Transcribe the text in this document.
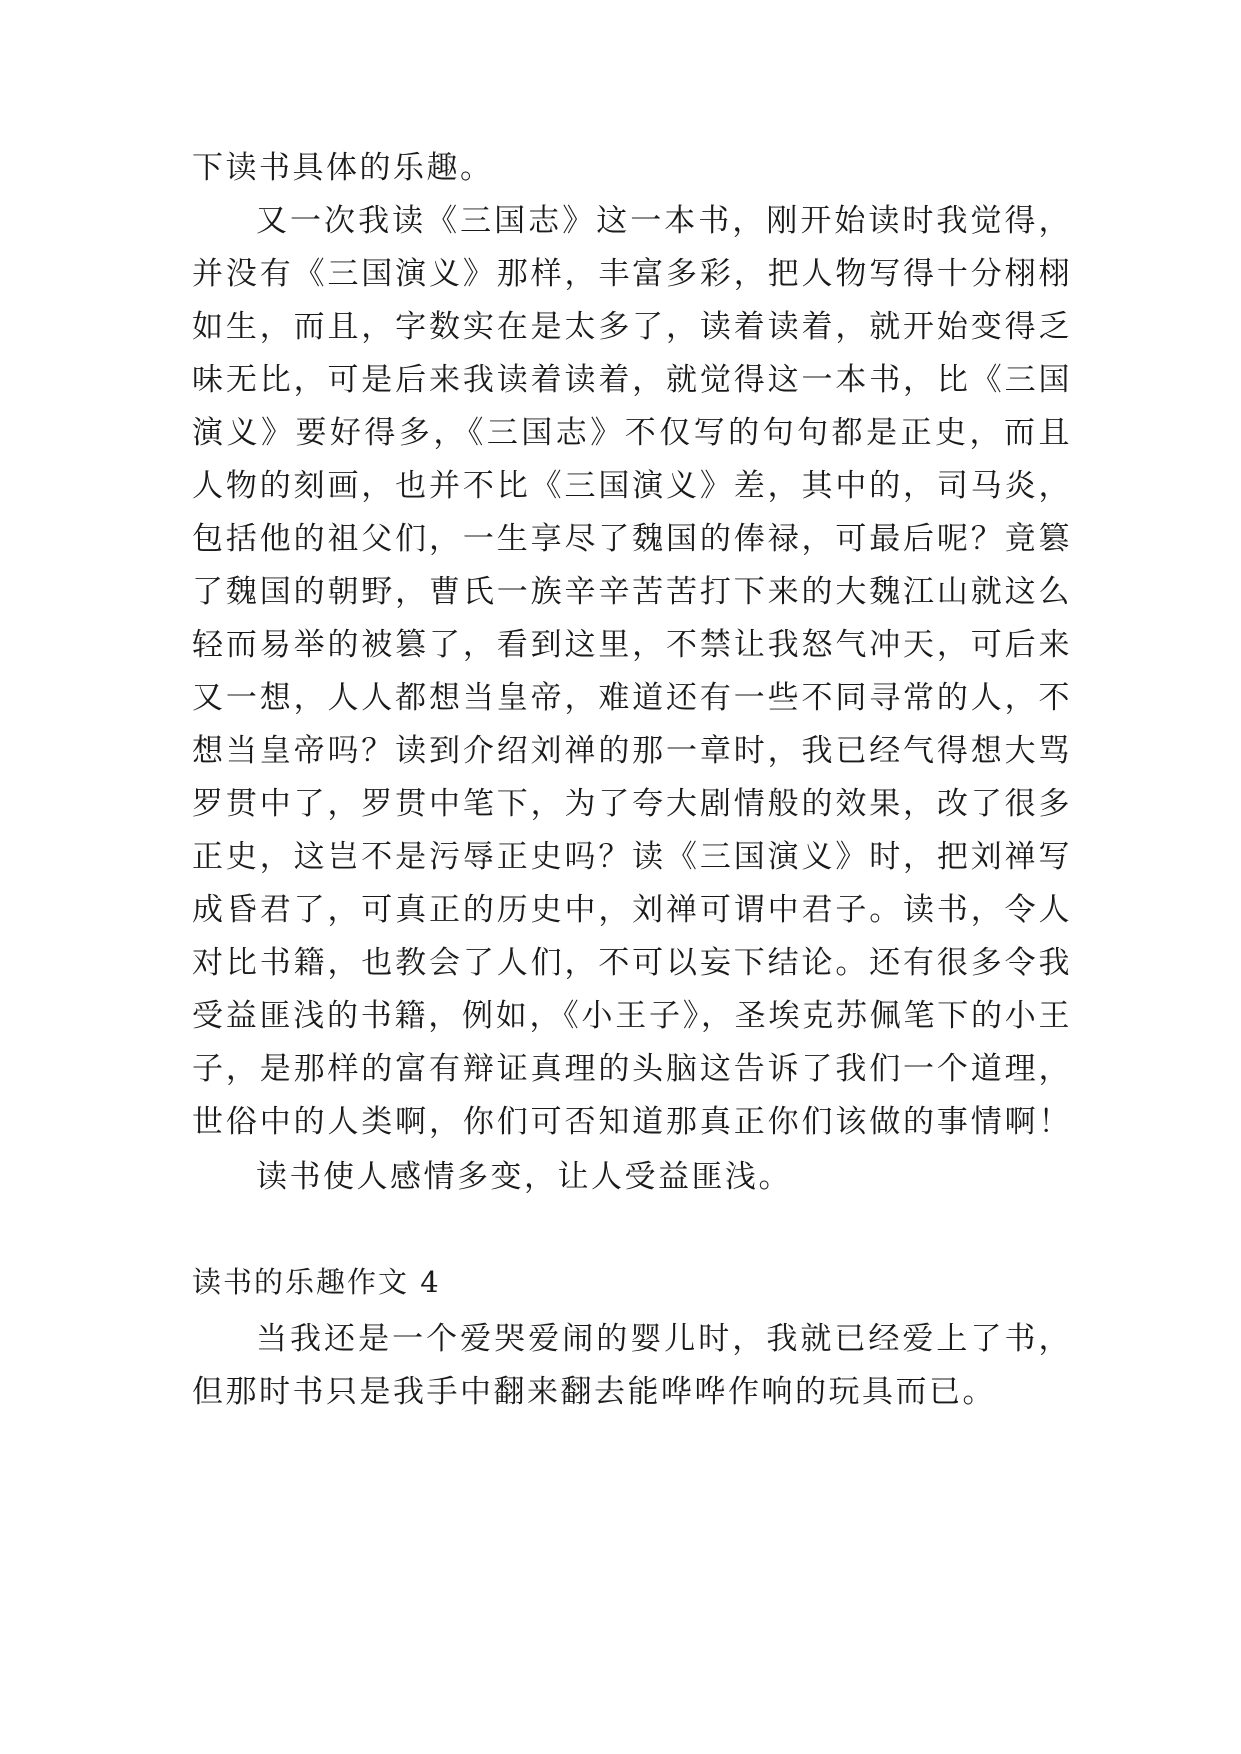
下读书具体的乐趣。
又一次我读《三国志》这一本书，刚开始读时我觉得，
并没有《三国演义》那样，丰富多彩，把人物写得十分栩栩
如生，而且，字数实在是太多了，读着读着，就开始变得乏
味无比，可是后来我读着读着，就觉得这一本书，比《三国
演义》要好得多，《三国志》不仅写的句句都是正史，而且
人物的刻画，也并不比《三国演义》差，其中的，司马炎，
包括他的祖父们，一生享尽了魏国的俸禄，可最后呢？竟篡
了魏国的朝野，曹氏一族辛辛苦苦打下来的大魏江山就这么
轻而易举的被篡了，看到这里，不禁让我怒气冲天，可后来
又一想，人人都想当皇帝，难道还有一些不同寻常的人，不
想当皇帝吗？读到介绍刘禅的那一章时，我已经气得想大骂
罗贯中了，罗贯中笔下，为了夸大剧情般的效果，改了很多
正史，这岂不是污辱正史吗？读《三国演义》时，把刘禅写
成昏君了，可真正的历史中，刘禅可谓中君子。读书，令人
对比书籍，也教会了人们，不可以妄下结论。还有很多令我
受益匪浅的书籍，例如，《小王子》，圣埃克苏佩笔下的小王
子，是那样的富有辩证真理的头脑这告诉了我们一个道理，
世俗中的人类啊，你们可否知道那真正你们该做的事情啊！
读书使人感情多变，让人受益匪浅。
读书的乐趣作文 4
当我还是一个爱哭爱闹的婴儿时，我就已经爱上了书，
但那时书只是我手中翻来翻去能哗哗作响的玩具而已。
